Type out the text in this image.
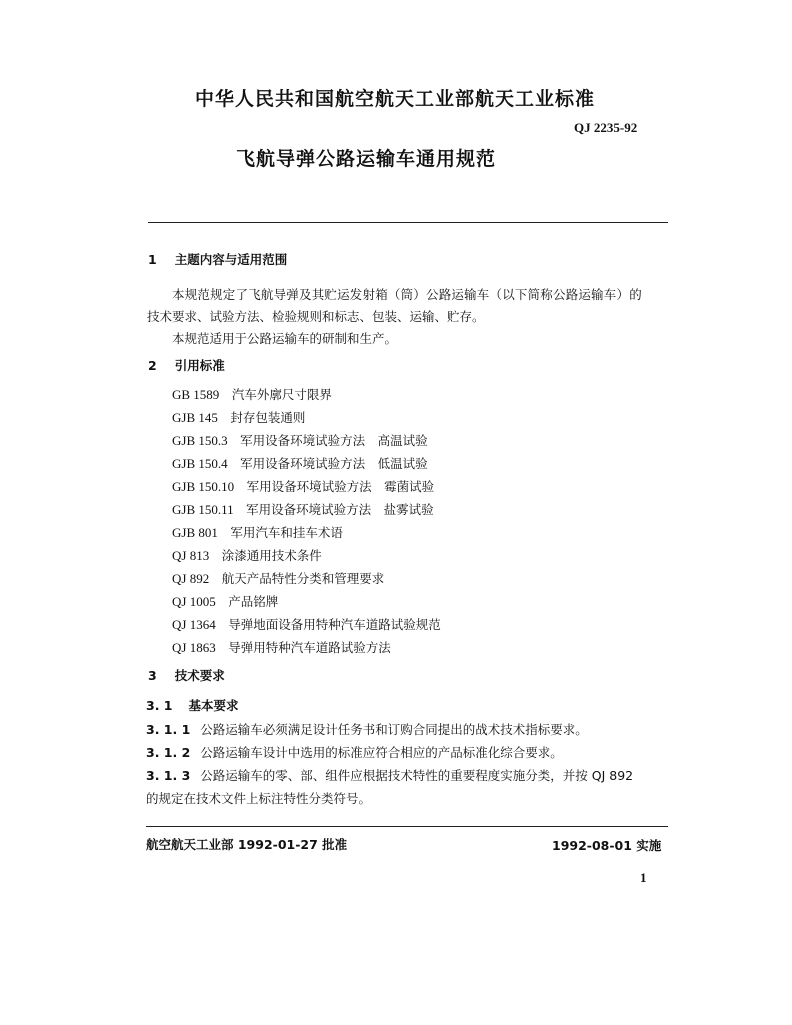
中华人民共和国航空航天工业部航天工业标准
QJ 2235-92
飞航导弹公路运输车通用规范
1 主题内容与适用范围
本规范规定了飞航导弹及其贮运发射箱（筒）公路运输车（以下简称公路运输车）的
技术要求、试验方法、检验规则和标志、包装、运输、贮存。
本规范适用于公路运输车的研制和生产。
2 引用标准
GB 1589　 汽车外廓尺寸限界
GJB 145　 封存包装通则
GJB 150.3　 军用设备环境试验方法　高温试验
GJB 150.4　 军用设备环境试验方法　低温试验
GJB 150.10　 军用设备环境试验方法　霉菌试验
GJB 150.11　 军用设备环境试验方法　盐雾试验
GJB 801　 军用汽车和挂车术语
QJ 813　 涂漆通用技术条件
QJ 892　 航天产品特性分类和管理要求
QJ 1005　 产品铭牌
QJ 1364　 导弹地面设备用特种汽车道路试验规范
QJ 1863　 导弹用特种汽车道路试验方法
3 技术要求
3. 1 基本要求
3. 1. 1 公路运输车必须满足设计任务书和订购合同提出的战术技术指标要求。
3. 1. 2 公路运输车设计中选用的标准应符合相应的产品标准化综合要求。
3. 1. 3 公路运输车的零、部、组件应根据技术特性的重要程度实施分类，并按 QJ 892
的规定在技术文件上标注特性分类符号。
航空航天工业部 1992-01-27 批准	1992-08-01 实施
1
